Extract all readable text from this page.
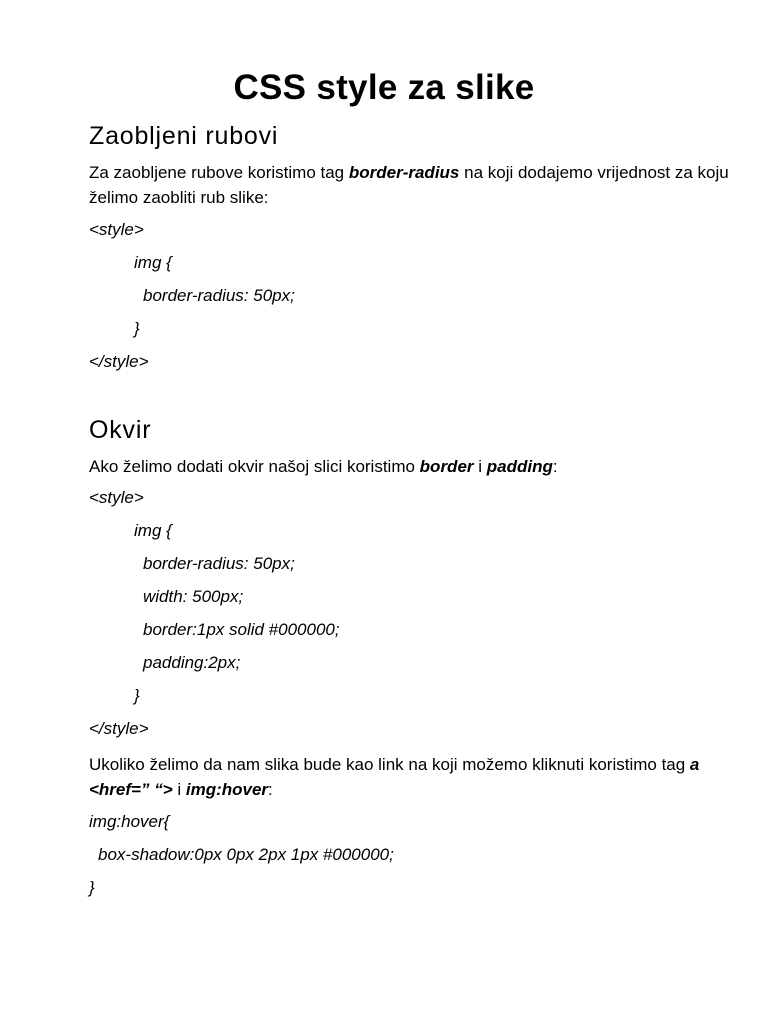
CSS style za slike
Zaobljeni rubovi

Za zaobljene rubove koristimo tag border-radius na koji dodajemo vrijednost za koju želimo zaobliti rub slike:

<style>
img {
border-radius: 50px;
}
</style>
Okvir

Ako želimo dodati okvir našoj slici koristimo border i padding:

<style>
img {
border-radius: 50px;
width: 500px;
border:1px solid #000000;
padding:2px;
}
</style>

Ukoliko želimo da nam slika bude kao link na koji možemo kliknuti koristimo tag a <href=” “> i img:hover:

img:hover{
box-shadow:0px 0px 2px 1px #000000;
}
